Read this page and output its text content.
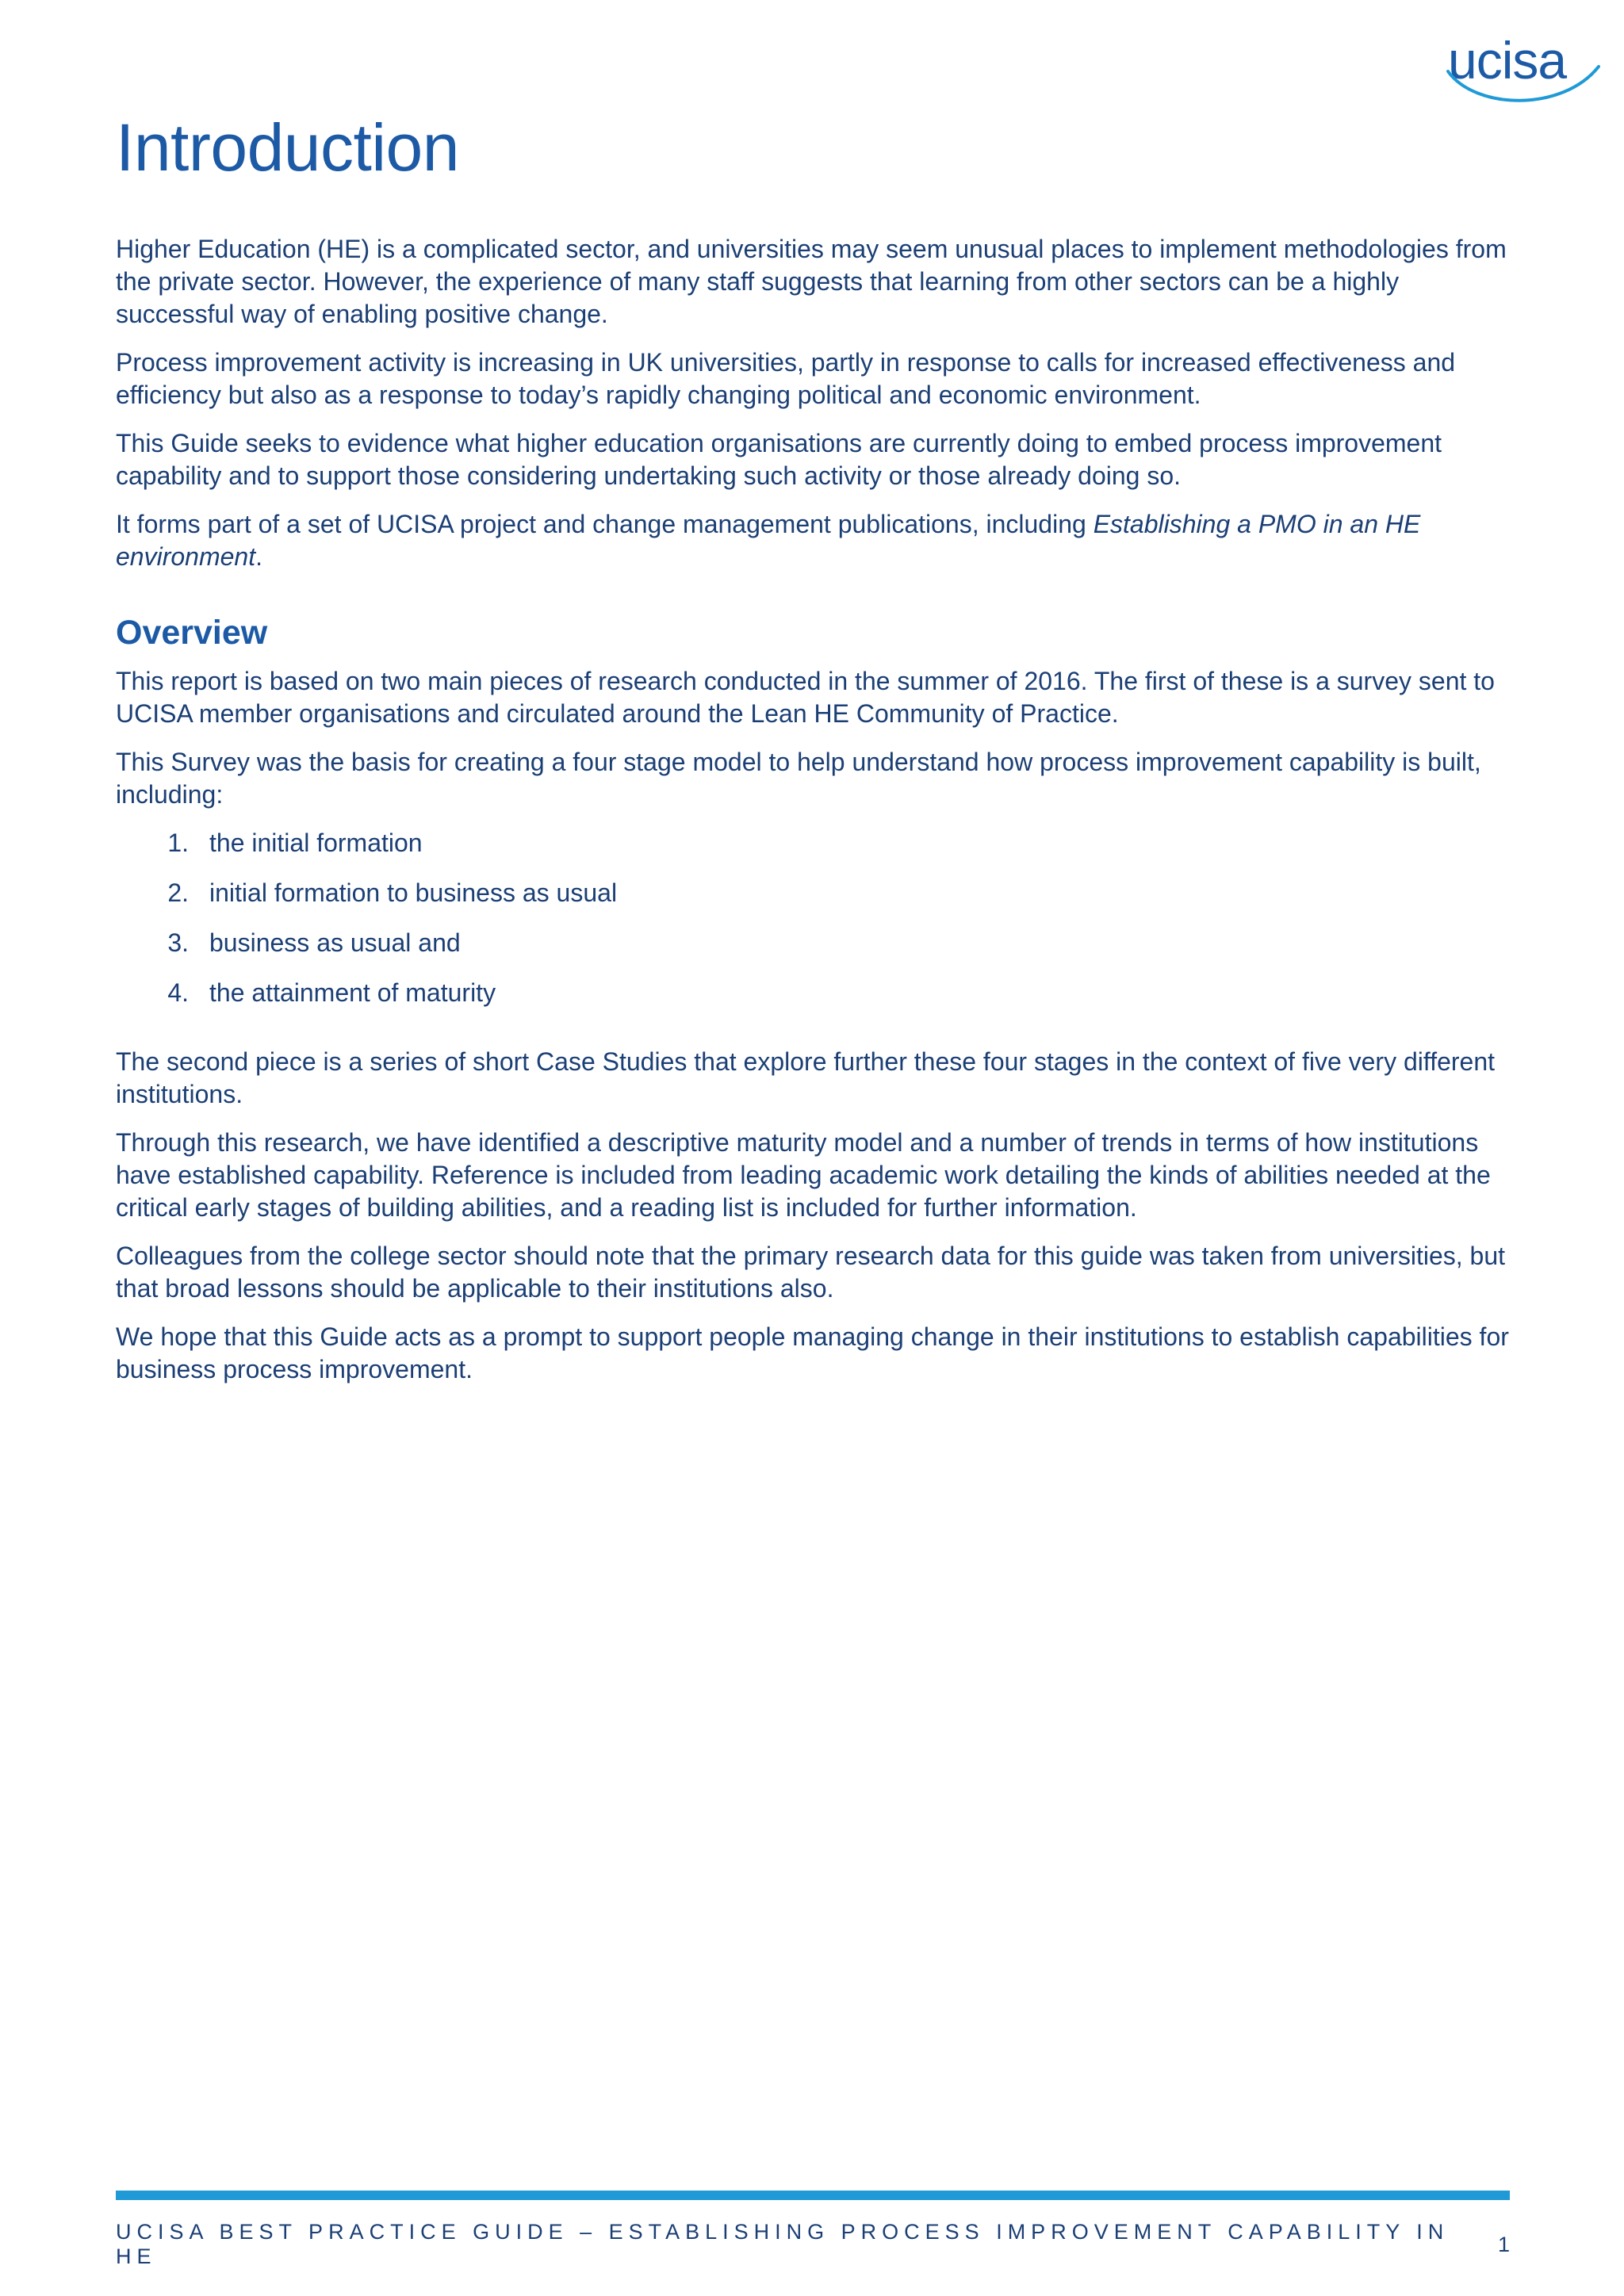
ucisa
Introduction

Higher Education (HE) is a complicated sector, and universities may seem unusual places to implement methodologies from the private sector. However, the experience of many staff suggests that learning from other sectors can be a highly successful way of enabling positive change.

Process improvement activity is increasing in UK universities, partly in response to calls for increased effectiveness and efficiency but also as a response to today’s rapidly changing political and economic environment.

This Guide seeks to evidence what higher education organisations are currently doing to embed process improvement capability and to support those considering undertaking such activity or those already doing so.

It forms part of a set of UCISA project and change management publications, including Establishing a PMO in an HE environment.

Overview

This report is based on two main pieces of research conducted in the summer of 2016. The first of these is a survey sent to UCISA member organisations and circulated around the Lean HE Community of Practice.

This Survey was the basis for creating a four stage model to help understand how process improvement capability is built, including:

1. the initial formation
2. initial formation to business as usual
3. business as usual and
4. the attainment of maturity

The second piece is a series of short Case Studies that explore further these four stages in the context of five very different institutions.

Through this research, we have identified a descriptive maturity model and a number of trends in terms of how institutions have established capability. Reference is included from leading academic work detailing the kinds of abilities needed at the critical early stages of building abilities, and a reading list is included for further information.

Colleagues from the college sector should note that the primary research data for this guide was taken from universities, but that broad lessons should be applicable to their institutions also.

We hope that this Guide acts as a prompt to support people managing change in their institutions to establish capabilities for business process improvement.

UCISA BEST PRACTICE GUIDE – ESTABLISHING PROCESS IMPROVEMENT CAPABILITY IN HE
1
